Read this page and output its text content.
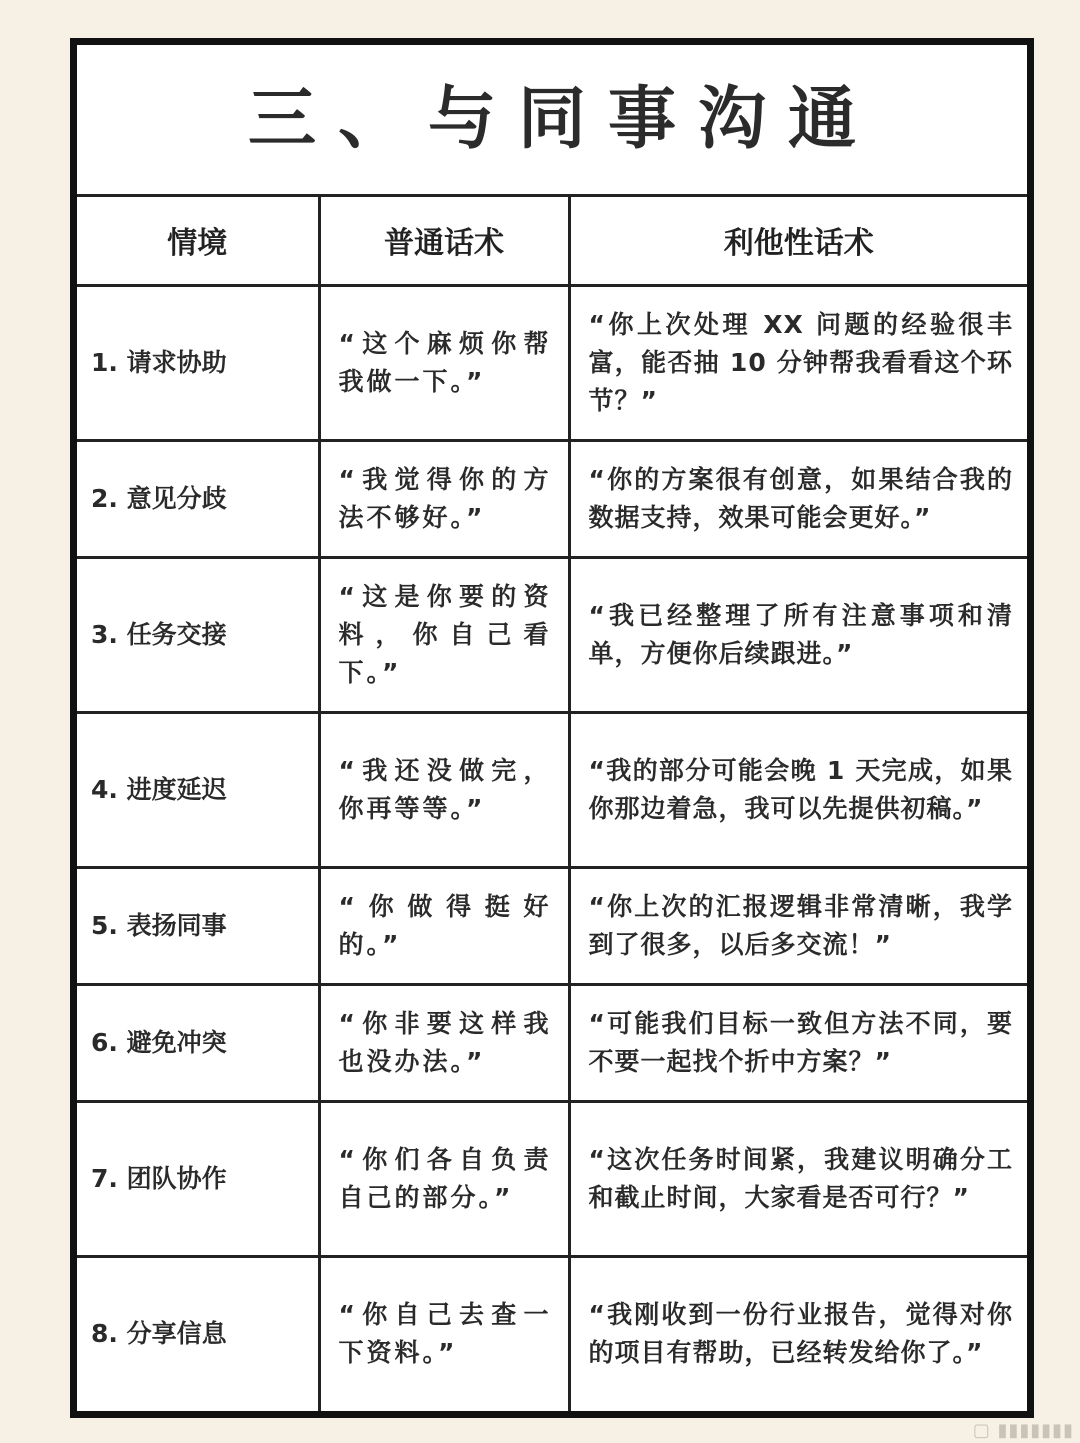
三、与同事沟通
情境	普通话术	利他性话术
1. 请求协助	“这个麻烦你帮我做一下。”	“你上次处理 XX 问题的经验很丰富，能否抽 10 分钟帮我看看这个环节？”
2. 意见分歧	“我觉得你的方法不够好。”	“你的方案很有创意，如果结合我的数据支持，效果可能会更好。”
3. 任务交接	“这是你要的资料，你自己看下。”	“我已经整理了所有注意事项和清单，方便你后续跟进。”
4. 进度延迟	“我还没做完，你再等等。”	“我的部分可能会晚 1 天完成，如果你那边着急，我可以先提供初稿。”
5. 表扬同事	“你做得挺好的。”	“你上次的汇报逻辑非常清晰，我学到了很多，以后多交流！”
6. 避免冲突	“你非要这样我也没办法。”	“可能我们目标一致但方法不同，要不要一起找个折中方案？”
7. 团队协作	“你们各自负责自己的部分。”	“这次任务时间紧，我建议明确分工和截止时间，大家看是否可行？”
8. 分享信息	“你自己去查一下资料。”	“我刚收到一份行业报告，觉得对你的项目有帮助，已经转发给你了。”
▢ ▮▮▮▮▮▮▮
